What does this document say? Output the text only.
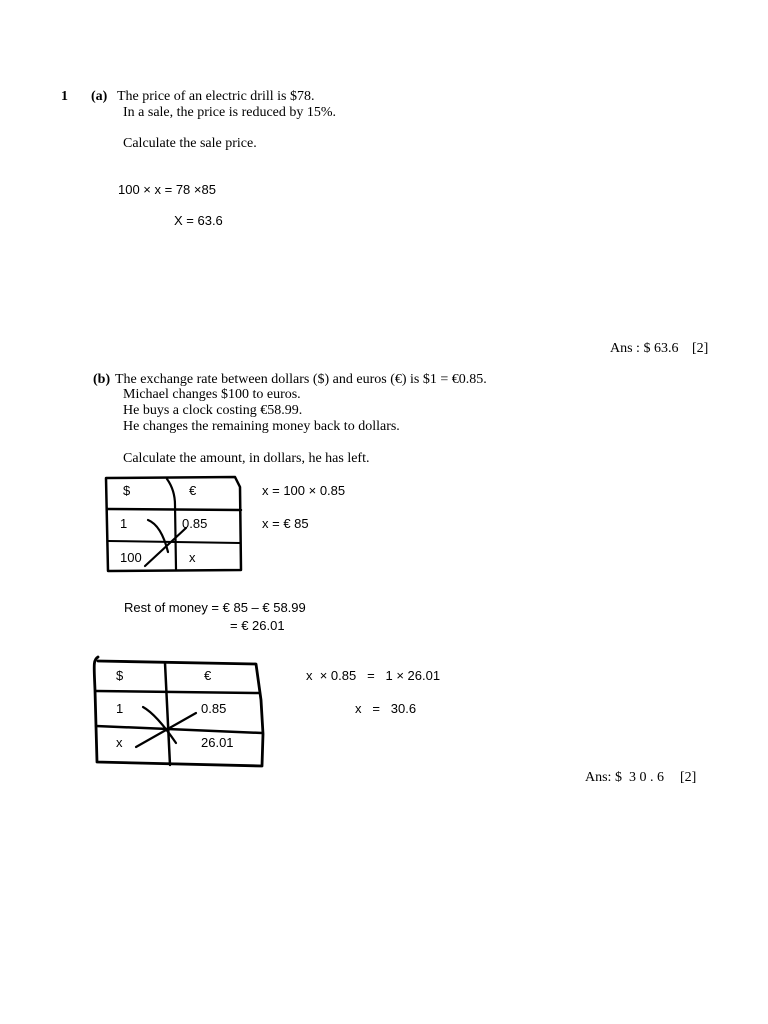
1 (a) The price of an electric drill is $78.
In a sale, the price is reduced by 15%.
Calculate the sale price.
100 × x = 78 ×85
X = 63.6
Ans : $ 63.6 [2]
(b) The exchange rate between dollars ($) and euros (€) is $1 = €0.85.
Michael changes $100 to euros.
He buys a clock costing €58.99.
He changes the remaining money back to dollars.
Calculate the amount, in dollars, he has left.
$	€
1	0.85
100	x
x = 100 × 0.85
x = € 85
Rest of money = € 85 – € 58.99
= € 26.01
$	€
1	0.85
x	26.01
x  × 0.85   =   1 × 26.01
x   =   30.6
Ans: $  3 0 . 6 [2]
